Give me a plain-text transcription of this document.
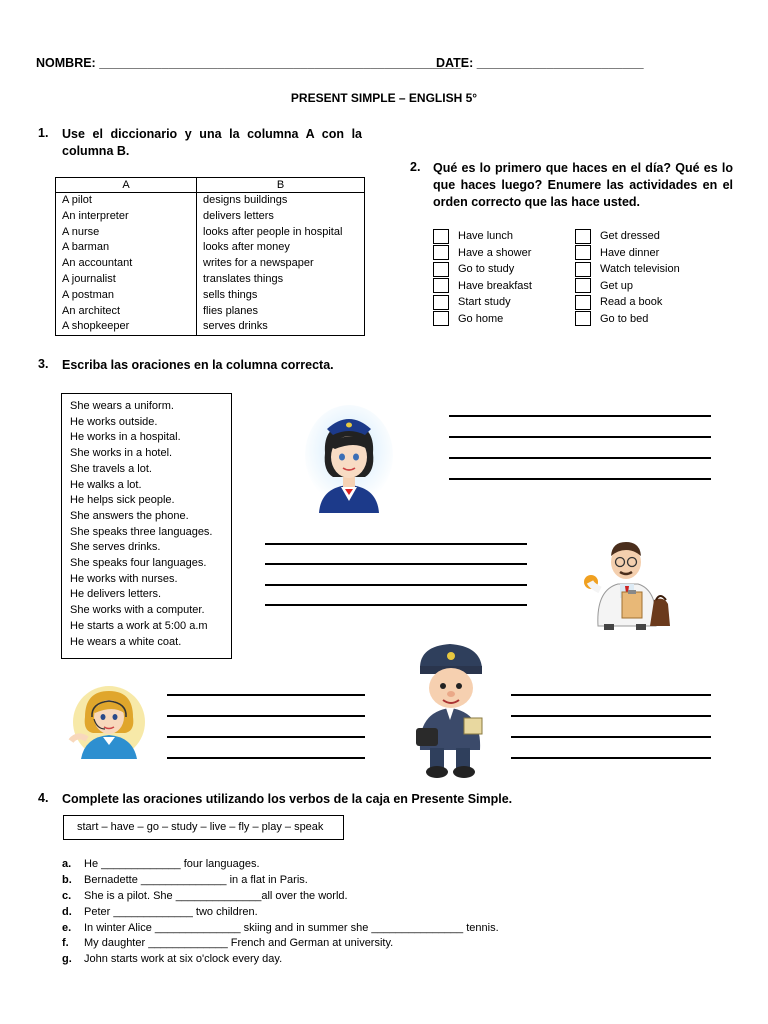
NOMBRE: ____________________________________________________
DATE: ________________________
PRESENT SIMPLE – ENGLISH 5°
1. Use el diccionario y una la columna A con la columna B.
A	B
A pilot	designs buildings
An interpreter	delivers letters
A nurse	looks after people in hospital
A barman	looks after money
An accountant	writes for a newspaper
A journalist	translates things
A postman	sells things
An architect	flies planes
A shopkeeper	serves drinks
2. Qué es lo primero que haces en el día? Qué es lo que haces luego? Enumere las actividades en el orden correcto que las hace usted.
Have lunch
Have a shower
Go to study
Have breakfast
Start study
Go home
Get dressed
Have dinner
Watch television
Get up
Read a book
Go to bed
3. Escriba las oraciones en la columna correcta.
She wears a uniform.
He works outside.
He works in a hospital.
She works in a hotel.
She travels a lot.
He walks a lot.
He helps sick people.
She answers the phone.
She speaks three languages.
She serves drinks.
She speaks four languages.
He works with nurses.
He delivers letters.
She works with a computer.
He starts a work at 5:00 a.m
He wears a white coat.
4. Complete las oraciones utilizando los verbos de la caja en Presente Simple.
start – have – go – study – live – fly – play – speak
a. He _____________ four languages.
b. Bernadette ______________ in a flat in Paris.
c. She is a pilot. She ______________all over the world.
d. Peter _____________ two children.
e. In winter Alice ______________ skiing and in summer she _______________ tennis.
f. My daughter _____________ French and German at university.
g. John starts work at six o'clock every day.
